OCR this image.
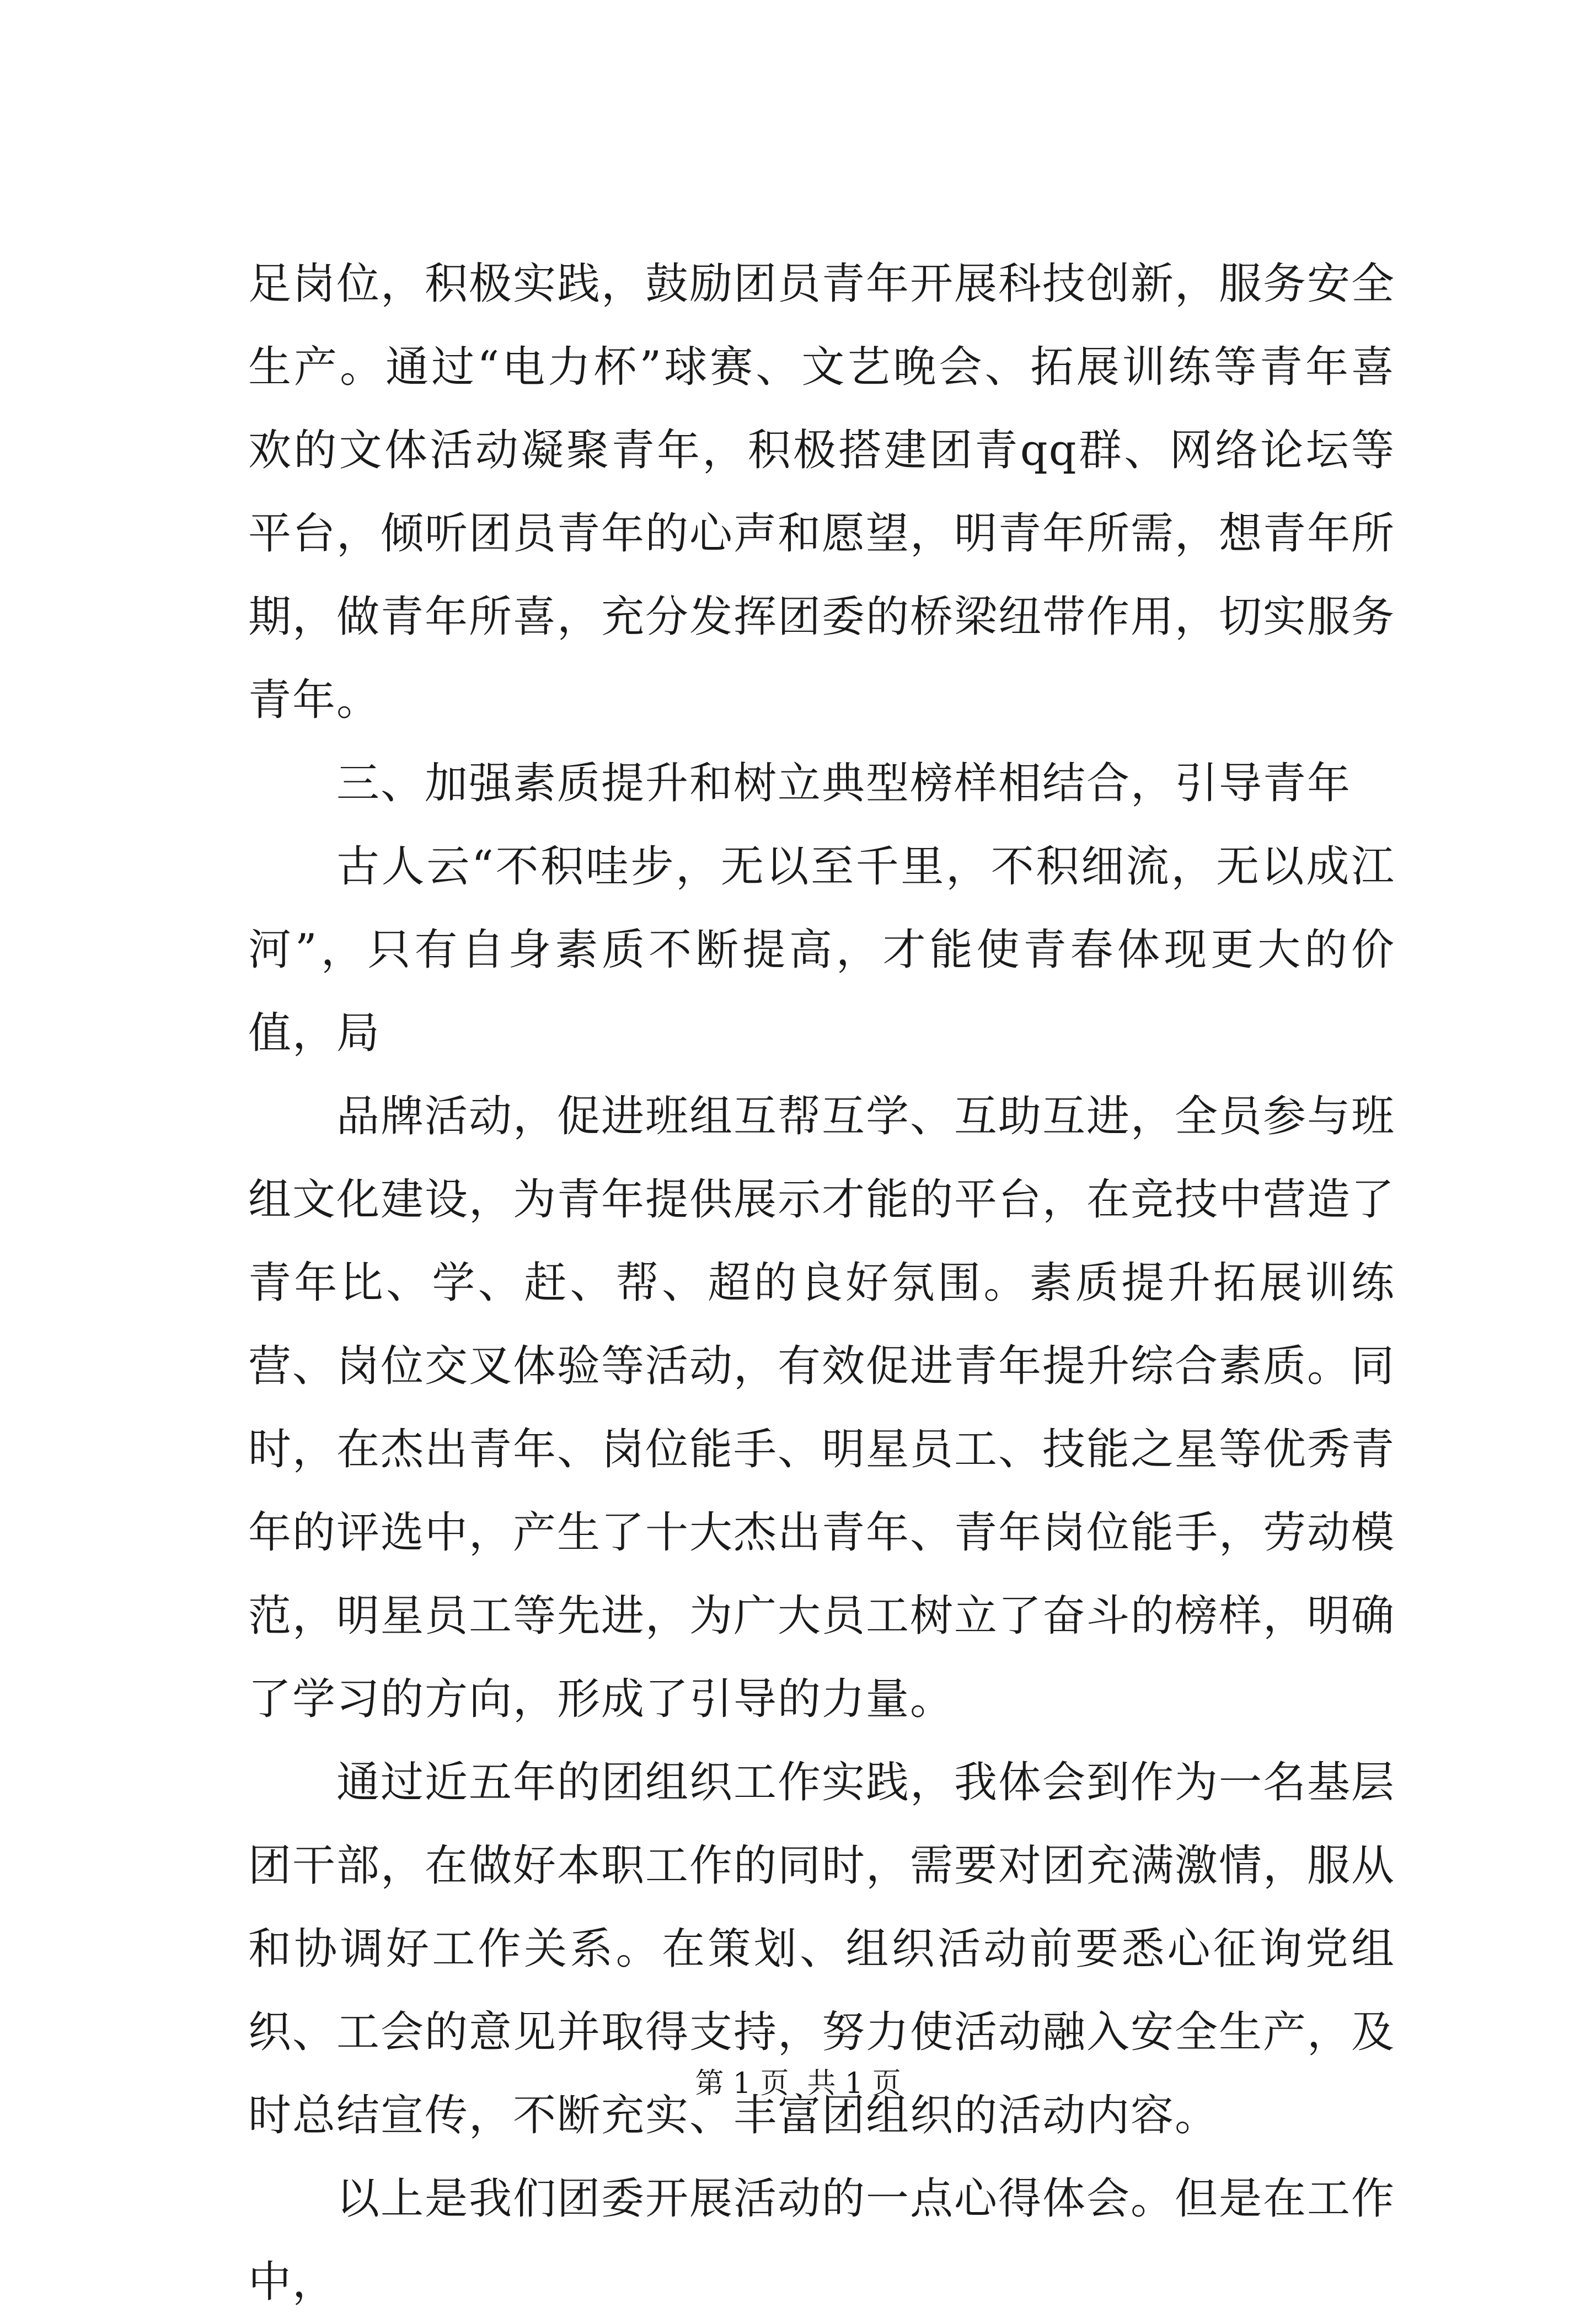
足岗位，积极实践，鼓励团员青年开展科技创新，服务安全生产。通过“电力杯”球赛、文艺晚会、拓展训练等青年喜欢的文体活动凝聚青年，积极搭建团青qq群、网络论坛等平台，倾听团员青年的心声和愿望，明青年所需，想青年所期，做青年所喜，充分发挥团委的桥梁纽带作用，切实服务青年。

三、加强素质提升和树立典型榜样相结合，引导青年

古人云“不积哇步，无以至千里，不积细流，无以成江河”，只有自身素质不断提高，才能使青春体现更大的价值，局

品牌活动，促进班组互帮互学、互助互进，全员参与班组文化建设，为青年提供展示才能的平台，在竞技中营造了青年比、学、赶、帮、超的良好氛围。素质提升拓展训练营、岗位交叉体验等活动，有效促进青年提升综合素质。同时，在杰出青年、岗位能手、明星员工、技能之星等优秀青年的评选中，产生了十大杰出青年、青年岗位能手，劳动模范，明星员工等先进，为广大员工树立了奋斗的榜样，明确了学习的方向，形成了引导的力量。

通过近五年的团组织工作实践，我体会到作为一名基层团干部，在做好本职工作的同时，需要对团充满激情，服从和协调好工作关系。在策划、组织活动前要悉心征询党组织、工会的意见并取得支持，努力使活动融入安全生产，及时总结宣传，不断充实、丰富团组织的活动内容。

以上是我们团委开展活动的一点心得体会。但是在工作中，

第 1 页  共 1 页
